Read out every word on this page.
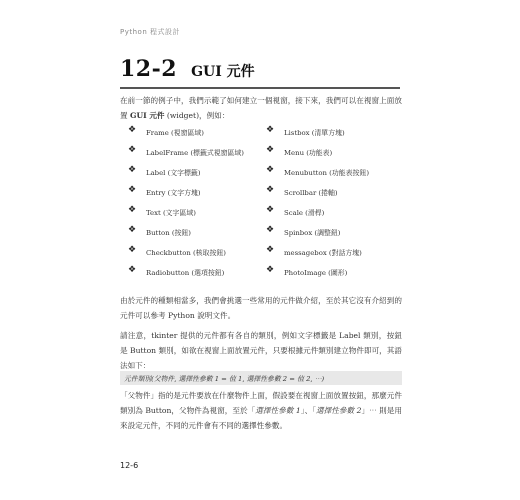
Python 程式設計
12-2 GUI 元件
在前一節的例子中，我們示範了如何建立一個視窗，接下來，我們可以在視窗上面放置 GUI 元件 (widget)，例如：
❖
Frame (視窗區域)
❖
LabelFrame (標籤式視窗區域)
❖
Label (文字標籤)
❖
Entry (文字方塊)
❖
Text (文字區域)
❖
Button (按鈕)
❖
Checkbutton (核取按鈕)
❖
Radiobutton (選項按鈕)
❖
Listbox (清單方塊)
❖
Menu (功能表)
❖
Menubutton (功能表按鈕)
❖
Scrollbar (捲軸)
❖
Scale (滑桿)
❖
Spinbox (調整鈕)
❖
messagebox (對話方塊)
❖
PhotoImage (圖形)
由於元件的種類相當多，我們會挑選一些常用的元件做介紹，至於其它沒有介紹到的元件可以參考 Python 說明文件。
請注意，tkinter 提供的元件都有各自的類別，例如文字標籤是 Label 類別，按鈕是 Button 類別，如欲在視窗上面放置元件，只要根據元件類別建立物件即可，其語法如下：
元件類別(父物件, 選擇性參數 1 = 值 1, 選擇性參數 2 = 值 2, ⋯)
「父物件」指的是元件要放在什麼物件上面，假設要在視窗上面放置按鈕，那麼元件類別為 Button，父物件為視窗，至於「選擇性參數 1」、「選擇性參數 2」⋯ 則是用來設定元件，不同的元件會有不同的選擇性參數。
12-6
